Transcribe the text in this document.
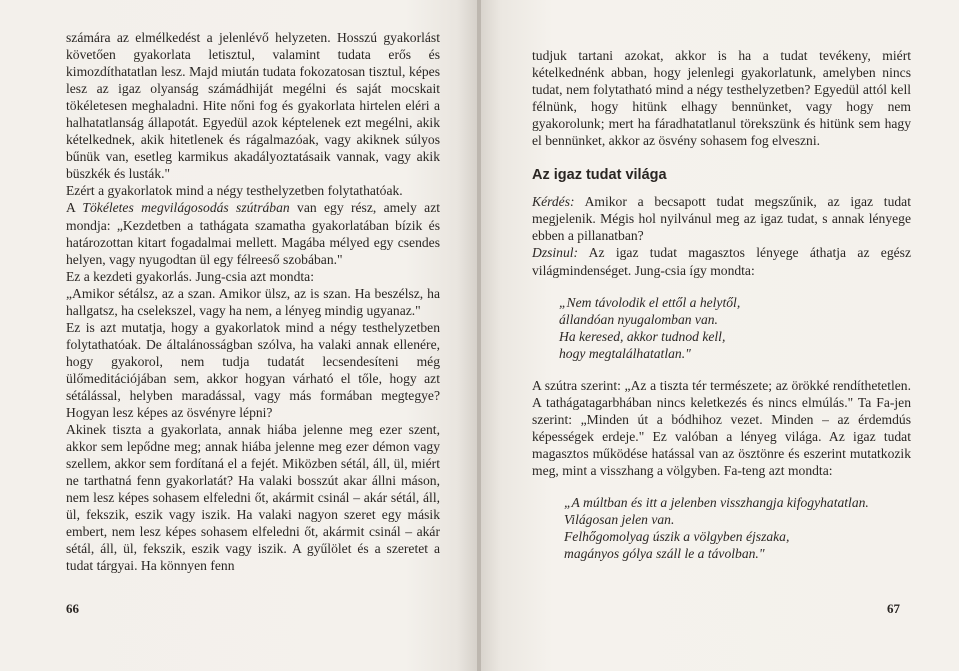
számára az elmélkedést a jelenlévő helyzeten. Hosszú gyakorlást követően gyakorlata letisztul, valamint tudata erős és kimozdíthatatlan lesz. Majd miután tudata fokozatosan tisztul, képes lesz az igaz olyanság számádhiját megélni és saját mocskait tökéletesen meghaladni. Hite nőni fog és gyakorlata hirtelen eléri a halhatatlanság állapotát. Egyedül azok képtelenek ezt megélni, akik kételkednek, akik hitetlenek és rágalmazóak, vagy akiknek súlyos bűnük van, esetleg karmikus akadályoztatásaik vannak, vagy akik büszkék és lusták."

Ezért a gyakorlatok mind a négy testhelyzetben folytathatóak.

A Tökéletes megvilágosodás szútrában van egy rész, amely azt mondja: „Kezdetben a tathágata szamatha gyakorlatában bízik és határozottan kitart fogadalmai mellett. Magába mélyed egy csendes helyen, vagy nyugodtan ül egy félreeső szobában."

Ez a kezdeti gyakorlás. Jung-csia azt mondta:

„Amikor sétálsz, az a szan. Amikor ülsz, az is szan. Ha beszélsz, ha hallgatsz, ha cselekszel, vagy ha nem, a lényeg mindig ugyanaz."

Ez is azt mutatja, hogy a gyakorlatok mind a négy testhelyzetben folytathatóak. De általánosságban szólva, ha valaki annak ellenére, hogy gyakorol, nem tudja tudatát lecsendesíteni még ülőmeditációjában sem, akkor hogyan várható el tőle, hogy azt sétálással, helyben maradással, vagy más formában megtegye? Hogyan lesz képes az ösvényre lépni?

Akinek tiszta a gyakorlata, annak hiába jelenne meg ezer szent, akkor sem lepődne meg; annak hiába jelenne meg ezer démon vagy szellem, akkor sem fordítaná el a fejét. Miközben sétál, áll, ül, miért ne tarthatná fenn gyakorlatát? Ha valaki bosszút akar állni máson, nem lesz képes sohasem elfeledni őt, akármit csinál – akár sétál, áll, ül, fekszik, eszik vagy iszik. Ha valaki nagyon szeret egy másik embert, nem lesz képes sohasem elfeledni őt, akármit csinál – akár sétál, áll, ül, fekszik, eszik vagy iszik. A gyűlölet és a szeretet a tudat tárgyai. Ha könnyen fenn

66

tudjuk tartani azokat, akkor is ha a tudat tevékeny, miért kételkednénk abban, hogy jelenlegi gyakorlatunk, amelyben nincs tudat, nem folytatható mind a négy testhelyzetben? Egyedül attól kell félnünk, hogy hitünk elhagy bennünket, vagy hogy nem gyakorolunk; mert ha fáradhatatlanul törekszünk és hitünk sem hagy el bennünket, akkor az ösvény sohasem fog elveszni.

Az igaz tudat világa

Kérdés: Amikor a becsapott tudat megszűnik, az igaz tudat megjelenik. Mégis hol nyilvánul meg az igaz tudat, s annak lényege ebben a pillanatban?

Dzsinul: Az igaz tudat magasztos lényege áthatja az egész világmindenséget. Jung-csia így mondta:

„Nem távolodik el ettől a helytől,

állandóan nyugalomban van.

Ha keresed, akkor tudnod kell,

hogy megtalálhatatlan."

A szútra szerint: „Az a tiszta tér természete; az örökké rendíthetetlen. A tathágatagarbhában nincs keletkezés és nincs elmúlás." Ta Fa-jen szerint: „Minden út a bódhihoz vezet. Minden – az érdemdús képességek erdeje." Ez valóban a lényeg világa. Az igaz tudat magasztos működése hatással van az ösztönre és eszerint mutatkozik meg, mint a visszhang a völgyben. Fa-teng azt mondta:

„A múltban és itt a jelenben visszhangja kifogyhatatlan.

Világosan jelen van.

Felhőgomolyag úszik a völgyben éjszaka,

magányos gólya száll le a távolban."

67
